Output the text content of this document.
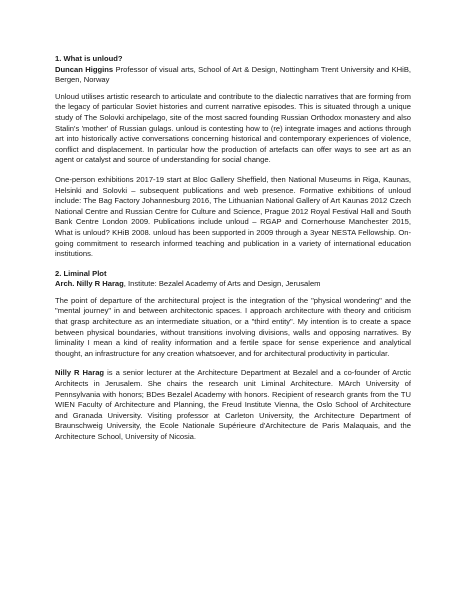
1. What is unloud?

Duncan Higgins Professor of visual arts, School of Art & Design, Nottingham Trent University and KHiB, Bergen, Norway

Unloud utilises artistic research to articulate and contribute to the dialectic narratives that are forming from the legacy of particular Soviet histories and current narrative episodes. This is situated through a unique study of The Solovki archipelago, site of the most sacred founding Russian Orthodox monastery and also Stalin's 'mother' of Russian gulags. unloud is contesting how to (re) integrate images and actions through art into historically active conversations concerning historical and contemporary experiences of violence, conflict and displacement. In particular how the production of artefacts can offer ways to see art as an agent or catalyst and source of understanding for social change.

One-person exhibitions 2017-19 start at Bloc Gallery Sheffield, then National Museums in Riga, Kaunas, Helsinki and Solovki – subsequent publications and web presence. Formative exhibitions of unloud include: The Bag Factory Johannesburg 2016, The Lithuanian National Gallery of Art Kaunas 2012 Czech National Centre and Russian Centre for Culture and Science, Prague 2012 Royal Festival Hall and South Bank Centre London 2009. Publications include unloud – RGAP and Cornerhouse Manchester 2015, What is unloud? KHiB 2008. unloud has been supported in 2009 through a 3year NESTA Fellowship. On-going commitment to research informed teaching and publication in a variety of international education institutions.

2. Liminal Plot

Arch. Nilly R Harag, Institute: Bezalel Academy of Arts and Design, Jerusalem

The point of departure of the architectural project is the integration of the "physical wondering" and the "mental journey" in and between architectonic spaces. I approach architecture with theory and criticism that grasp architecture as an intermediate situation, or a "third entity". My intention is to create a space between physical boundaries, without transitions involving divisions, walls and opposing narratives. By liminality I mean a kind of reality information and a fertile space for sense experience and analytical thought, an infrastructure for any creation whatsoever, and for architectural productivity in particular.

Nilly R Harag is a senior lecturer at the Architecture Department at Bezalel and a co-founder of Arctic Architects in Jerusalem. She chairs the research unit Liminal Architecture. MArch University of Pennsylvania with honors; BDes Bezalel Academy with honors. Recipient of research grants from the TU WIEN Faculty of Architecture and Planning, the Freud Institute Vienna, the Oslo School of Architecture and Granada University. Visiting professor at Carleton University, the Architecture Department of Braunschweig University, the Ecole Nationale Supérieure d'Architecture de Paris Malaquais, and the Architecture School, University of Nicosia.
